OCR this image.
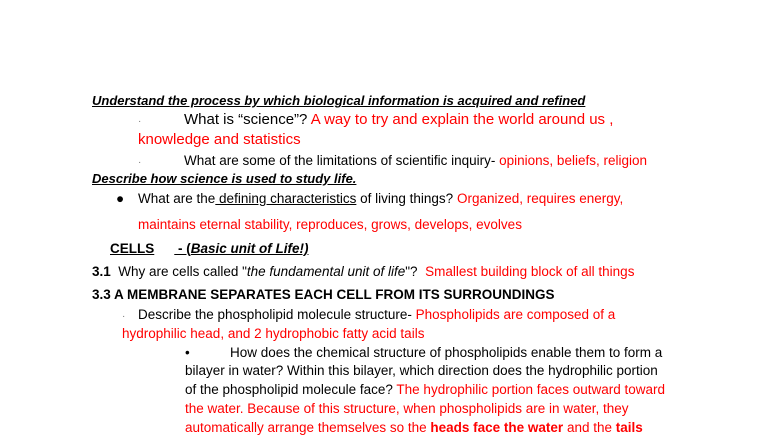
Understand the process by which biological information is acquired and refined
·	What is “science”? A way to try and explain the world around us ,
knowledge and statistics
·	What are some of the limitations of scientific inquiry- opinions, beliefs, religion
Describe how science is used to study life.
● What are the defining characteristics of living things? Organized, requires energy,
maintains eternal stability, reproduces, grows, develops, evolves
CELLS - (Basic unit of Life!)
3.1 Why are cells called "the fundamental unit of life"? Smallest building block of all things
3.3 A MEMBRANE SEPARATES EACH CELL FROM ITS SURROUNDINGS
· Describe the phospholipid molecule structure- Phospholipids are composed of a
hydrophilic head, and 2 hydrophobic fatty acid tails
•	How does the chemical structure of phospholipids enable them to form a
bilayer in water? Within this bilayer, which direction does the hydrophilic portion
of the phospholipid molecule face? The hydrophilic portion faces outward toward
the water. Because of this structure, when phospholipids are in water, they
automatically arrange themselves so the heads face the water and the tails
